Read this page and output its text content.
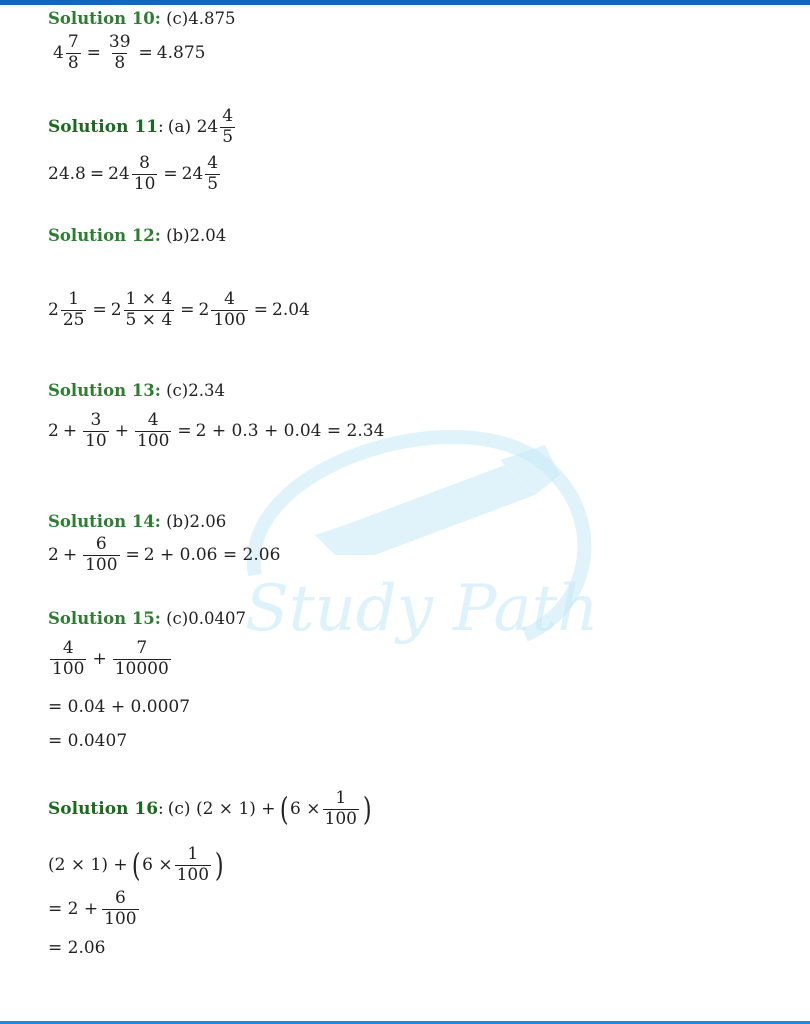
Study Path
Solution 10: (c)4.875
$4 \frac{7}{8} = \frac{39}{8} = 4.875$
Solution 11 : (a) $24 \frac{4}{5}$
$24.8 = 24 \frac{8}{10} = 24 \frac{4}{5}$
Solution 12: (b)2.04
$2 \frac{1}{25} = 2 \frac{1 \times 4}{5 \times 4} = 2 \frac{4}{100} = 2.04$
Solution 13: (c)2.34
$2 + \frac{3}{10} + \frac{4}{100} = 2 + 0.3 + 0.04 = 2.34$
Solution 14: (b)2.06
$2 + \frac{6}{100} = 2 + 0.06 = 2.06$
Solution 15: (c)0.0407
$\frac{4}{100} + \frac{7}{10000}$
= 0.04 + 0.0007
= 0.0407
Solution 16 : (c) (2 × 1) + ( $6 \times \frac{1}{100}$ )
(2 × 1) + ( $6 \times \frac{1}{100}$ )
= $2 + \frac{6}{100}$
= 2.06
